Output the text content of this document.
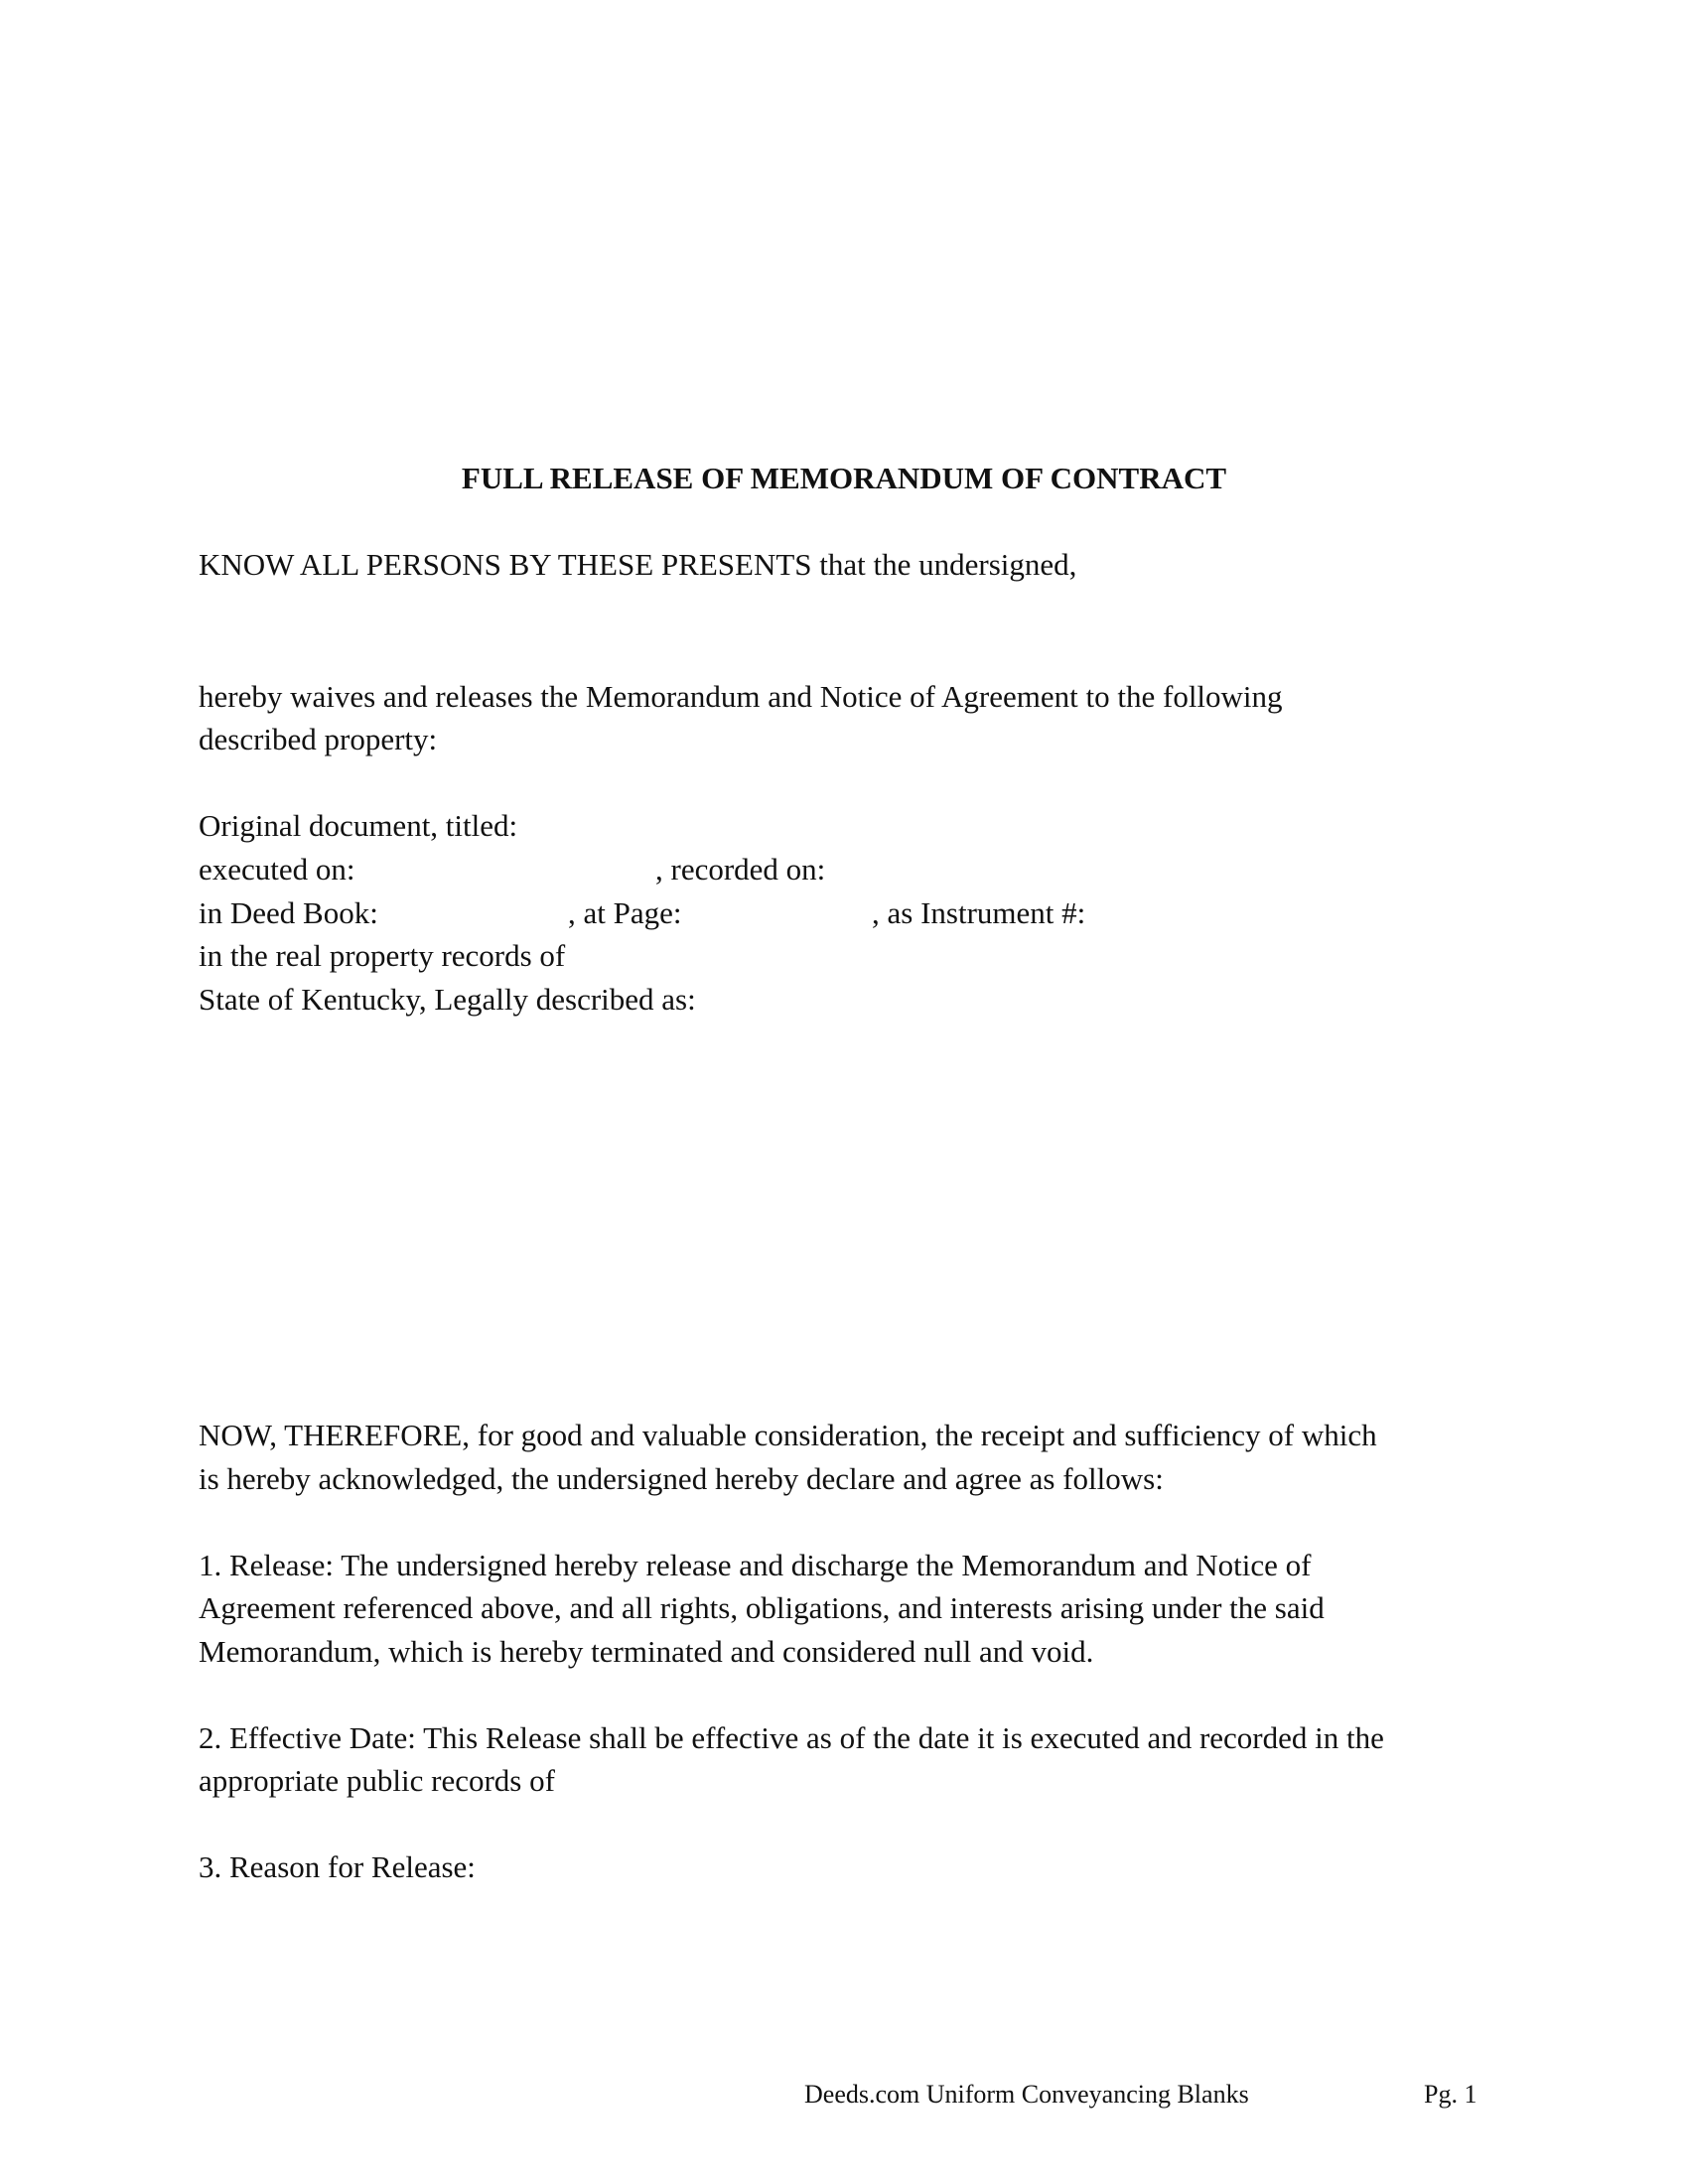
FULL RELEASE OF MEMORANDUM OF CONTRACT
KNOW ALL PERSONS BY THESE PRESENTS that the undersigned,
hereby waives and releases the Memorandum and Notice of Agreement to the following
described property:
Original document, titled:
executed on:	, recorded on:
in Deed Book:	, at Page:	, as Instrument #:
in the real property records of
State of Kentucky, Legally described as:
NOW, THEREFORE, for good and valuable consideration, the receipt and sufficiency of which
is hereby acknowledged, the undersigned hereby declare and agree as follows:
1. Release: The undersigned hereby release and discharge the Memorandum and Notice of
Agreement referenced above, and all rights, obligations, and interests arising under the said
Memorandum, which is hereby terminated and considered null and void.
2. Effective Date: This Release shall be effective as of the date it is executed and recorded in the
appropriate public records of
3. Reason for Release:
Deeds.com Uniform Conveyancing Blanks	Pg. 1
